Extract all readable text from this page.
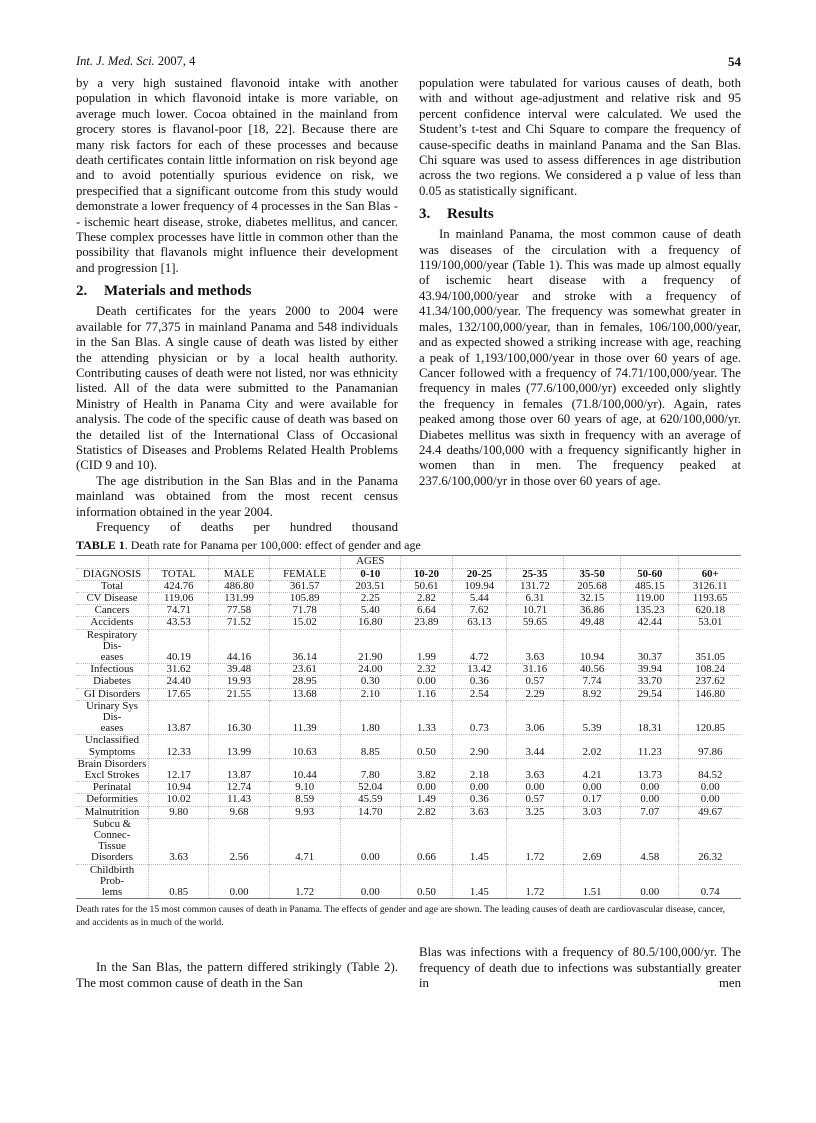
Int. J. Med. Sci. 2007, 4	54

by a very high sustained flavonoid intake with another population in which flavonoid intake is more variable, on average much lower. Cocoa obtained in the mainland from grocery stores is flavanol-poor [18, 22]. Because there are many risk factors for each of these processes and because death certificates contain little information on risk beyond age and to avoid potentially spurious evidence on risk, we prespecified that a significant outcome from this study would demonstrate a lower frequency of 4 processes in the San Blas -- ischemic heart disease, stroke, diabetes mellitus, and cancer. These complex processes have little in common other than the possibility that flavanols might influence their development and progression [1].

2. Materials and methods

Death certificates for the years 2000 to 2004 were available for 77,375 in mainland Panama and 548 individuals in the San Blas. A single cause of death was listed by either the attending physician or by a local health authority. Contributing causes of death were not listed, nor was ethnicity listed. All of the data were submitted to the Panamanian Ministry of Health in Panama City and were available for analysis. The code of the specific cause of death was based on the detailed list of the International Class of Occasional Statistics of Diseases and Problems Related Health Problems (CID 9 and 10).

The age distribution in the San Blas and in the Panama mainland was obtained from the most recent census information obtained in the year 2004.

Frequency of deaths per hundred thousand

population were tabulated for various causes of death, both with and without age-adjustment and relative risk and 95 percent confidence interval were calculated. We used the Student’s t-test and Chi Square to compare the frequency of cause-specific deaths in mainland Panama and the San Blas. Chi square was used to assess differences in age distribution across the two regions. We considered a p value of less than 0.05 as statistically significant.

3. Results

In mainland Panama, the most common cause of death was diseases of the circulation with a frequency of 119/100,000/year (Table 1). This was made up almost equally of ischemic heart disease with a frequency of 43.94/100,000/year and stroke with a frequency of 41.34/100,000/year. The frequency was somewhat greater in males, 132/100,000/year, than in females, 106/100,000/year, and as expected showed a striking increase with age, reaching a peak of 1,193/100,000/year in those over 60 years of age. Cancer followed with a frequency of 74.71/100,000/year. The frequency in males (77.6/100,000/yr) exceeded only slightly the frequency in females (71.8/100,000/yr). Again, rates peaked among those over 60 years of age, at 620/100,000/yr. Diabetes mellitus was sixth in frequency with an average of 24.4 deaths/100,000 with a frequency significantly higher in women than in men. The frequency peaked at 237.6/100,000/yr in those over 60 years of age.

TABLE 1. Death rate for Panama per 100,000: effect of gender and age
				AGES						
DIAGNOSIS	TOTAL	MALE	FEMALE	0-10	10-20	20-25	25-35	35-50	50-60	60+
Total	424.76	486.80	361.57	203.51	50.61	109.94	131.72	205.68	485.15	3126.11
CV Disease	119.06	131.99	105.89	2.25	2.82	5.44	6.31	32.15	119.00	1193.65
Cancers	74.71	77.58	71.78	5.40	6.64	7.62	10.71	36.86	135.23	620.18
Accidents	43.53	71.52	15.02	16.80	23.89	63.13	59.65	49.48	42.44	53.01
Respiratory Dis-
eases	40.19	44.16	36.14	21.90	1.99	4.72	3.63	10.94	30.37	351.05
Infectious	31.62	39.48	23.61	24.00	2.32	13.42	31.16	40.56	39.94	108.24
Diabetes	24.40	19.93	28.95	0.30	0.00	0.36	0.57	7.74	33.70	237.62
GI Disorders	17.65	21.55	13.68	2.10	1.16	2.54	2.29	8.92	29.54	146.80
Urinary Sys Dis-
eases	13.87	16.30	11.39	1.80	1.33	0.73	3.06	5.39	18.31	120.85
Unclassified
Symptoms	12.33	13.99	10.63	8.85	0.50	2.90	3.44	2.02	11.23	97.86
Brain Disorders
Excl Strokes	12.17	13.87	10.44	7.80	3.82	2.18	3.63	4.21	13.73	84.52
Perinatal	10.94	12.74	9.10	52.04	0.00	0.00	0.00	0.00	0.00	0.00
Deformities	10.02	11.43	8.59	45.59	1.49	0.36	0.57	0.17	0.00	0.00
Malnutrition	9.80	9.68	9.93	14.70	2.82	3.63	3.25	3.03	7.07	49.67
Subcu & Connec-
Tissue Disorders	3.63	2.56	4.71	0.00	0.66	1.45	1.72	2.69	4.58	26.32
Childbirth Prob-
lems	0.85	0.00	1.72	0.00	0.50	1.45	1.72	1.51	0.00	0.74
Death rates for the 15 most common causes of death in Panama. The effects of gender and age are shown. The leading causes of death are cardiovascular disease, cancer, and accidents as in much of the world.

In the San Blas, the pattern differed strikingly (Table 2). The most common cause of death in the San

Blas was infections with a frequency of 80.5/100,000/yr. The frequency of death due to infections was substantially greater in men
